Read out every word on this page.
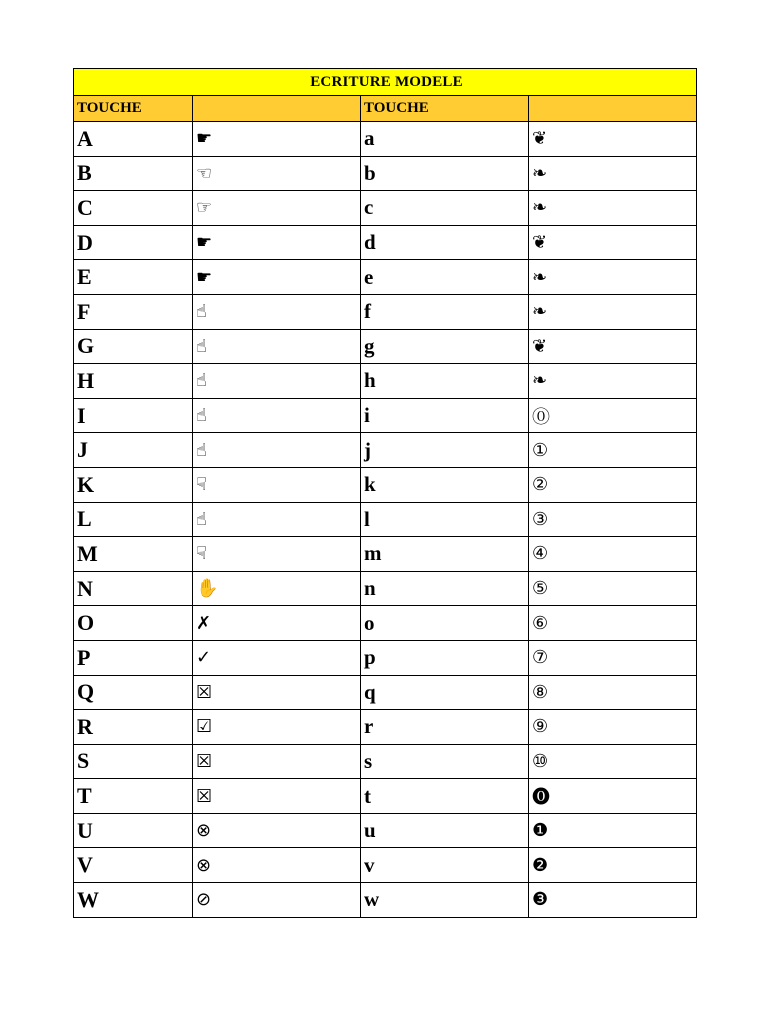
ECRITURE MODELE			
TOUCHE		TOUCHE	
A	☛	a	❦
B	☜	b	❧
C	☞	c	❧
D	☛	d	❦
E	☛	e	❧
F	☝	f	❧
G	☝	g	❦
H	☝	h	❧
I	☝	i	⓪
J	☝	j	①
K	☟	k	②
L	☝	l	③
M	☟	m	④
N	✋	n	⑤
O	✗	o	⑥
P	✓	p	⑦
Q	☒	q	⑧
R	☑	r	⑨
S	☒	s	⑩
T	☒	t	⓿
U	⊗	u	❶
V	⊗	v	❷
W	⊘	w	❸
